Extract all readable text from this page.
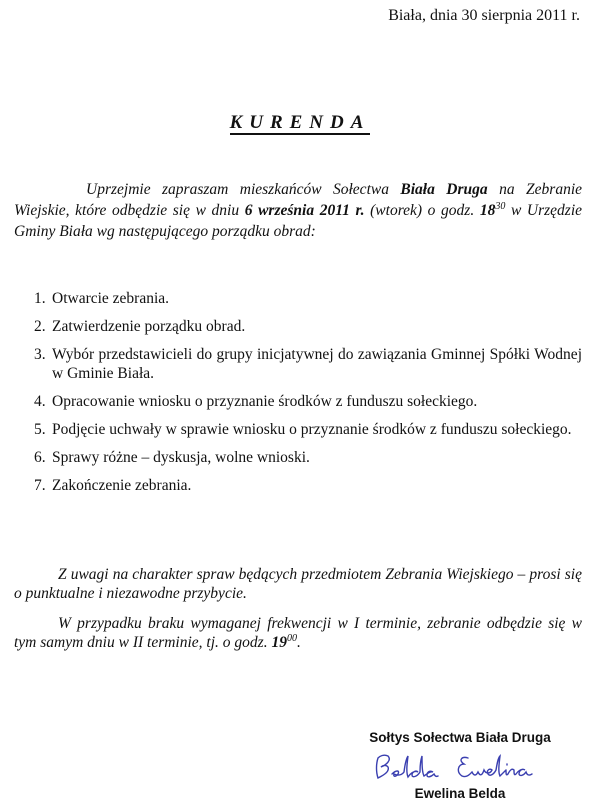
Biała, dnia 30 sierpnia 2011 r.
KURENDA

Uprzejmie zapraszam mieszkańców Sołectwa Biała Druga na Zebranie Wiejskie, które odbędzie się w dniu 6 września 2011 r. (wtorek) o godz. $18^{30}$ w Urzędzie Gminy Biała wg następującego porządku obrad:

1. Otwarcie zebrania.
2. Zatwierdzenie porządku obrad.
3. Wybór przedstawicieli do grupy inicjatywnej do zawiązania Gminnej Spółki Wodnej w Gminie Biała.
4. Opracowanie wniosku o przyznanie środków z funduszu sołeckiego.
5. Podjęcie uchwały w sprawie wniosku o przyznanie środków z funduszu sołeckiego.
6. Sprawy różne – dyskusja, wolne wnioski.
7. Zakończenie zebrania.

Z uwagi na charakter spraw będących przedmiotem Zebrania Wiejskiego – prosi się o punktualne i niezawodne przybycie.

W przypadku braku wymaganej frekwencji w I terminie, zebranie odbędzie się w tym samym dniu w II terminie, tj. o godz. $19^{00}$.

Sołtys Sołectwa Biała Druga
Ewelina Belda
